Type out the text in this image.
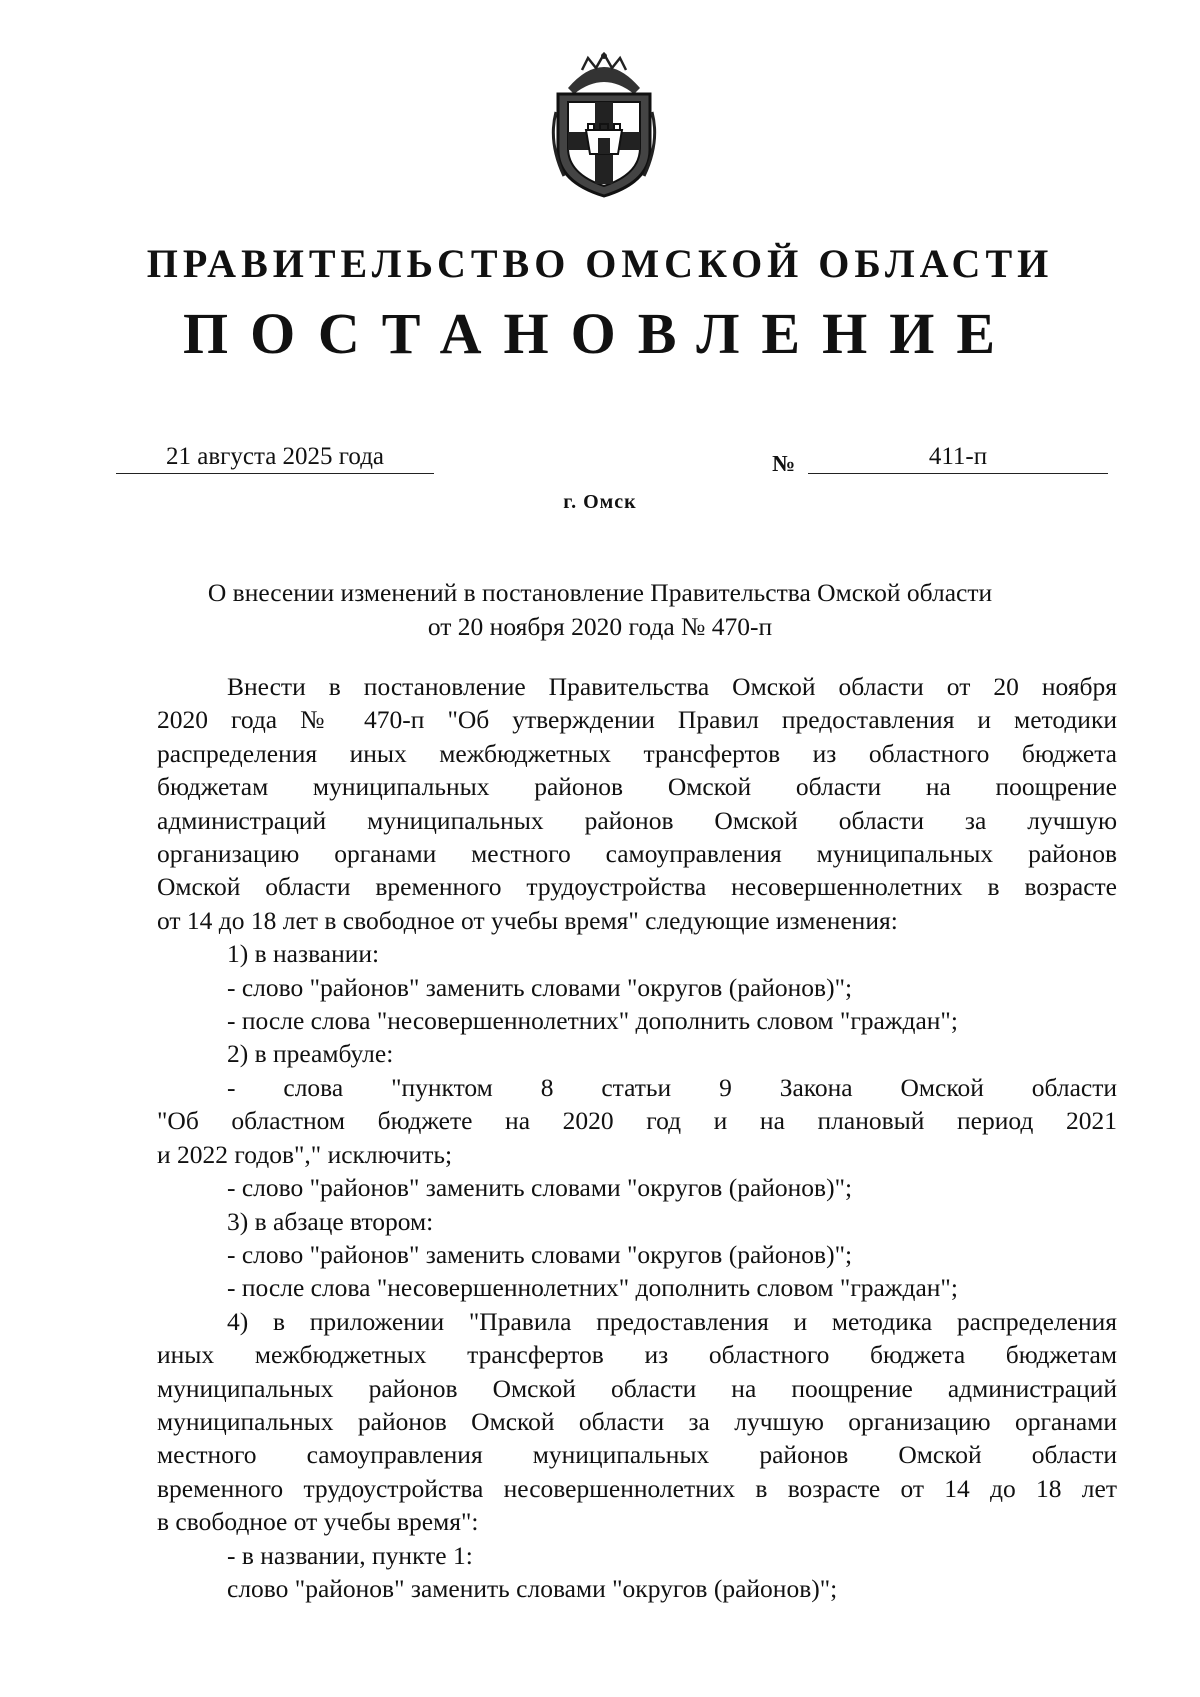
ПРАВИТЕЛЬСТВО ОМСКОЙ ОБЛАСТИ
ПОСТАНОВЛЕНИЕ
21 августа 2025 года	№	411-п
г. Омск
О внесении изменений в постановление Правительства Омской области
от 20 ноября 2020 года № 470-п

Внести в постановление Правительства Омской области от 20 ноября

2020 года № 470-п "Об утверждении Правил предоставления и методики

распределения иных межбюджетных трансфертов из областного бюджета

бюджетам муниципальных районов Омской области на поощрение

администраций муниципальных районов Омской области за лучшую

организацию органами местного самоуправления муниципальных районов

Омской области временного трудоустройства несовершеннолетних в возрасте

от 14 до 18 лет в свободное от учебы время" следующие изменения:

1) в названии:

- слово "районов" заменить словами "округов (районов)";

- после слова "несовершеннолетних" дополнить словом "граждан";

2) в преамбуле:

- слова "пунктом 8 статьи 9 Закона Омской области

"Об областном бюджете на 2020 год и на плановый период 2021

и 2022 годов"," исключить;

- слово "районов" заменить словами "округов (районов)";

3) в абзаце втором:

- слово "районов" заменить словами "округов (районов)";

- после слова "несовершеннолетних" дополнить словом "граждан";

4) в приложении "Правила предоставления и методика распределения

иных межбюджетных трансфертов из областного бюджета бюджетам

муниципальных районов Омской области на поощрение администраций

муниципальных районов Омской области за лучшую организацию органами

местного самоуправления муниципальных районов Омской области

временного трудоустройства несовершеннолетних в возрасте от 14 до 18 лет

в свободное от учебы время":

- в названии, пункте 1:

слово "районов" заменить словами "округов (районов)";
